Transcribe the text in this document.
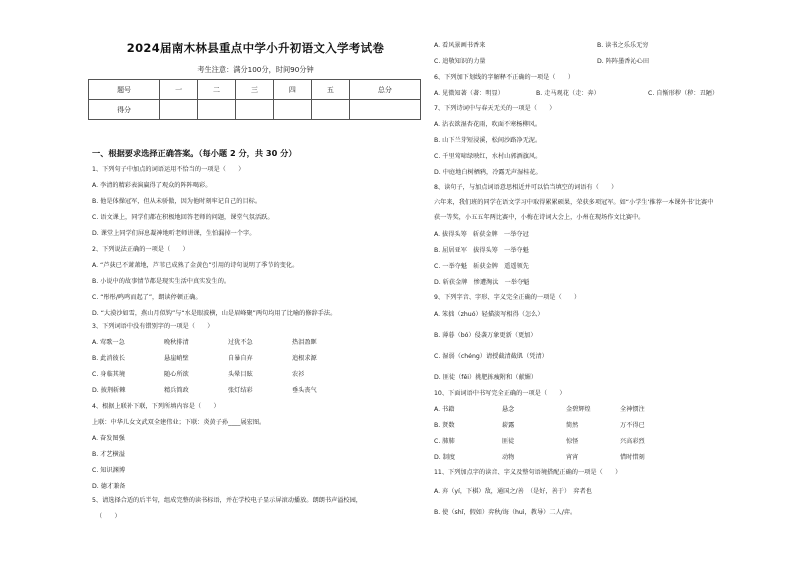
2024届南木林县重点中学小升初语文入学考试卷
考生注意：满分100分，时间90分钟
题号	一	二	三	四	五	总分
得分						
一、根据要求选择正确答案。（每小题 2 分，共 30 分）
1、下列句子中加点的词语运用不恰当的一项是（　　）
A. 李清的精彩表演赢得了观众的阵阵喝彩。
B. 他是体操冠军，但从未骄傲，因为他时刻牢记自己的目标。
C. 语文课上，同学们都在积极地回答老师的问题，课堂气氛活跃。
D. 课堂上同学们屏息凝神地听老师讲课，生怕漏掉一个字。
2、下列说法正确的一项是（　　）
A. “芦荻已不萧萧地，芦苇已成熟了金黄色”引用的诗句说明了季节的变化。
B. 小说中的故事情节都是现实生活中真实发生的。
C. “彤彤/鸣鸣而起了”，朗读停顿正确。
D. “大漠沙如雪，燕山月似钩”与“水是眼波横，山是眉峰聚”两句均用了比喻的修辞手法。
3、下列词语中没有错别字的一项是（　　）
A. 莺歌一急	晚秋排清	过犹不急	热泪盈眶
B. 此消彼长	悬崖峭壁	自暴自弃	追根求源
C. 身临其境	随心所欲	头晕目眩	农衫
D. 披荆斩棘	精兵简政	张灯结彩	垂头丧气
4、根据上联补下联，下列所填内容是（　　）
上联：中华儿女文武双全建伟业；下联：炎黄子孙____展宏图。
A. 奋发图强
B. 才艺横溢
C. 知识渊博
D. 德才兼备
5、请选择合适的后半句，组成完整的读书标语，并在学校电子显示屏滚动播放。朗朗书声溢校园，
（　　）
A. 看风景画书香来	B. 读书之乐乐无穷
C. 追敬知识的力量	D. 阵阵墨香沁心田
6、下列加下划线的字解释不正确的一项是（　　）
A. 见微知著（著：明显）	B. 走马观花（走：奔）	C. 自惭形秽（秽：丑陋）
7、下列诗词中与春天无关的一项是（　　）
A. 沾衣欲湿杏花雨，吹面不寒杨柳风。
B. 山下兰芽短浸溪，松间沙路净无泥。
C. 千里莺啼绿映红，水村山郭酒旗风。
D. 中庭地白树栖鸦，冷露无声湿桂花。
8、读句子，与加点词语意思相近并可以恰当填空的词语有（　　）
六年来，我们班的同学在语文学习中取得累累硕果，荣获多项冠军。如“小学生‘推荐一本课外书’比赛中
获一等奖，小五五年两比赛中，小梅在诗词大会上，小州在现场作文比赛中。
A. 拔得头筹　斩获金牌　一举夺冠
B. 屈居亚军　拔得头筹　一举夺魁
C. 一举夺魁　斩获金牌　遥遥领先
D. 斩获金牌　惨遭淘汰　一举夺魁
9、下列字音、字形、字义完全正确的一项是（　　）
A. 笨拙（zhuó）轻描淡写相得（怎么）
B. 薄暮（bó）侵袭万象更新（更加）
C. 湿弱（chéng）请授截清截肌（凭清）
D. 匪徒（fěi）挑肥拣瘦附和（献媚）
10、下面词语中书写完全正确的一项是（　　）
A. 书籍	悬念	金碧辉煌	全神惯注
B. 贤数	崭露	简然	万不得已
C. 肺肺	匪徒	惊怪	兴高彩烈
D. 制度	动物	宵宵	惜时惜刻
11、下列加点字的读音、字义及整句语境搭配正确的一项是（　　）
A. 弃（yí，下棋）敌，通国之/善　（是好，善于）　弈者也
B. 使（shǐ，假如）弈秋/诲（huì，教导）二人/弈。
